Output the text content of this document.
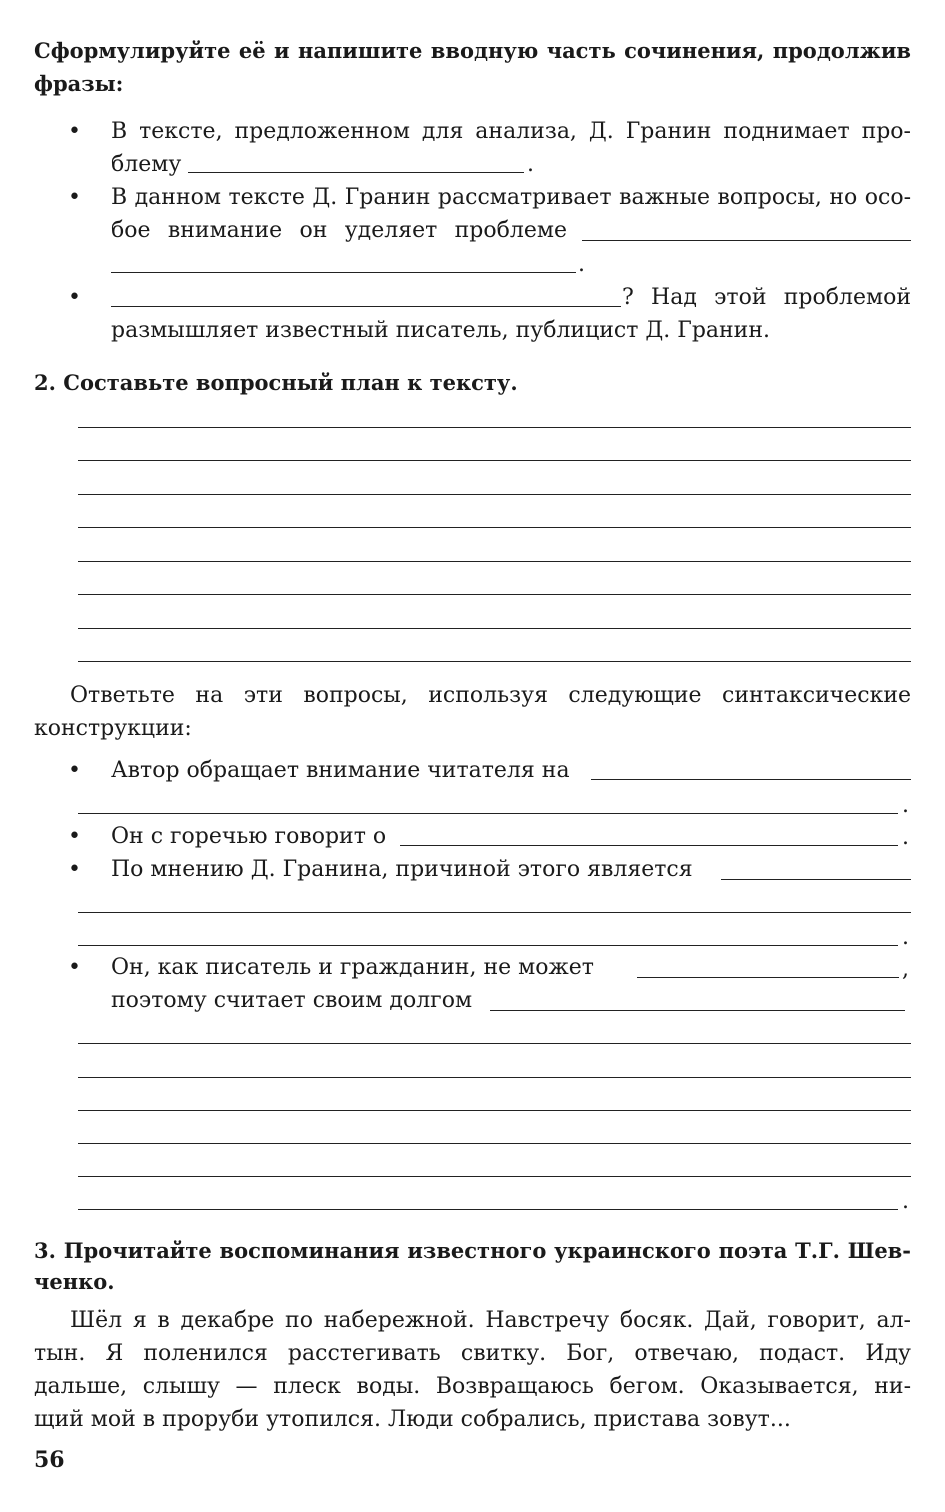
Сформулируйте её и напишите вводную часть сочинения, продолжив
фразы:
• В тексте, предложенном для анализа, Д. Гранин поднимает про-
блему	.
• В данном тексте Д. Гранин рассматривает важные вопросы, но осо-
бое внимание он уделяет проблеме
.
•	? Над этой проблемой
размышляет известный писатель, публицист Д. Гранин.
2. Составьте вопросный план к тексту.
Ответьте на эти вопросы, используя следующие синтаксические
конструкции:
• Автор обращает внимание читателя на
.
• Он с горечью говорит о	.
• По мнению Д. Гранина, причиной этого является
.
• Он, как писатель и гражданин, не может	,
поэтому считает своим долгом
.
3. Прочитайте воспоминания известного украинского поэта Т.Г. Шев-
ченко.
Шёл я в декабре по набережной. Навстречу босяк. Дай, говорит, ал-
тын. Я поленился расстегивать свитку. Бог, отвечаю, подаст. Иду
дальше, слышу — плеск воды. Возвращаюсь бегом. Оказывается, ни-
щий мой в проруби утопился. Люди собрались, пристава зовут...
56
